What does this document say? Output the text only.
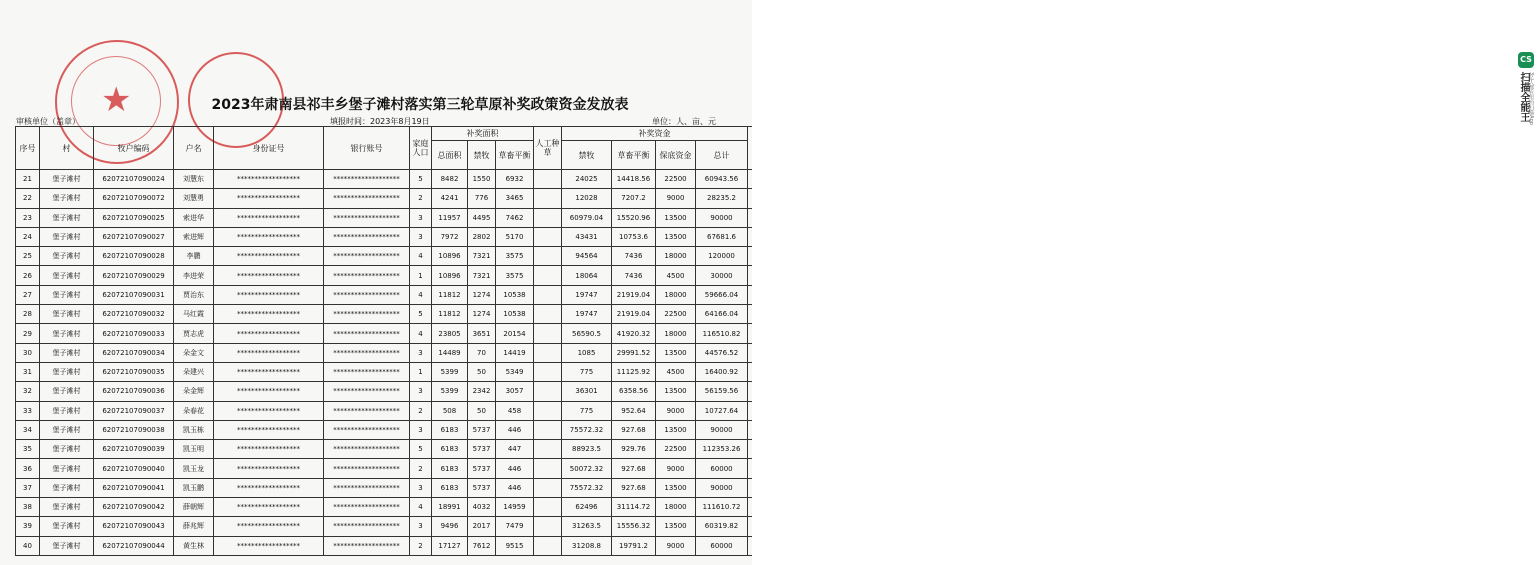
★	2023年肃南县祁丰乡堡子滩村落实第三轮草原补奖政策资金发放表
审核单位（盖章）	填报时间：2023年8月19日	单位：人、亩、元
序号	村	牧户编码	户名	身份证号	银行账号	家庭人口	补奖面积			人工种草	补奖资金	
							总面积	禁牧	草畜平衡		禁牧	草畜平衡	保底资金	总计	
21	堡子滩村	62072107090024	刘慧东	******************	*******************	5	8482	1550	6932		24025	14418.56	22500	60943.56	
22	堡子滩村	62072107090072	刘慧勇	******************	*******************	2	4241	776	3465		12028	7207.2	9000	28235.2	
23	堡子滩村	62072107090025	索进华	******************	*******************	3	11957	4495	7462		60979.04	15520.96	13500	90000	
24	堡子滩村	62072107090027	索进辉	******************	*******************	3	7972	2802	5170		43431	10753.6	13500	67681.6	
25	堡子滩村	62072107090028	李鹏	******************	*******************	4	10896	7321	3575		94564	7436	18000	120000	
26	堡子滩村	62072107090029	李进荣	******************	*******************	1	10896	7321	3575		18064	7436	4500	30000	
27	堡子滩村	62072107090031	贾治东	******************	*******************	4	11812	1274	10538		19747	21919.04	18000	59666.04	
28	堡子滩村	62072107090032	马红霞	******************	*******************	5	11812	1274	10538		19747	21919.04	22500	64166.04	
29	堡子滩村	62072107090033	贾志虎	******************	*******************	4	23805	3651	20154		56590.5	41920.32	18000	116510.82	
30	堡子滩村	62072107090034	朵金文	******************	*******************	3	14489	70	14419		1085	29991.52	13500	44576.52	
31	堡子滩村	62072107090035	朵建兴	******************	*******************	1	5399	50	5349		775	11125.92	4500	16400.92	
32	堡子滩村	62072107090036	朵金辉	******************	*******************	3	5399	2342	3057		36301	6358.56	13500	56159.56	
33	堡子滩村	62072107090037	朵春花	******************	*******************	2	508	50	458		775	952.64	9000	10727.64	
34	堡子滩村	62072107090038	凯玉栋	******************	*******************	3	6183	5737	446		75572.32	927.68	13500	90000	
35	堡子滩村	62072107090039	凯玉明	******************	*******************	5	6183	5737	447		88923.5	929.76	22500	112353.26	
36	堡子滩村	62072107090040	凯玉龙	******************	*******************	2	6183	5737	446		50072.32	927.68	9000	60000	
37	堡子滩村	62072107090041	凯玉鹏	******************	*******************	3	6183	5737	446		75572.32	927.68	13500	90000	
38	堡子滩村	62072107090042	薛朝辉	******************	*******************	4	18991	4032	14959		62496	31114.72	18000	111610.72	
39	堡子滩村	62072107090043	薛兆辉	******************	*******************	3	9496	2017	7479		31263.5	15556.32	13500	60319.82	
40	堡子滩村	62072107090044	黄生林	******************	*******************	2	17127	7612	9515		31208.8	19791.2	9000	60000	
CS
扫描全能王 3亿人都在用的扫描App
